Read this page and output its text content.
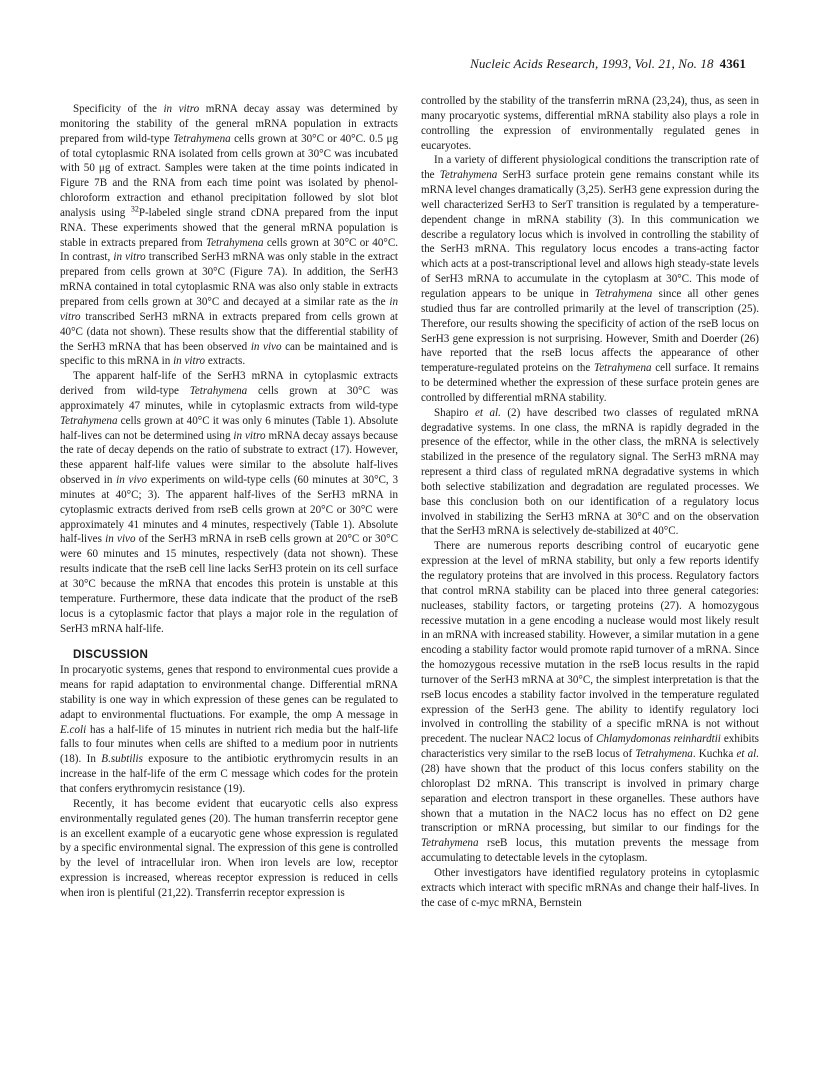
Nucleic Acids Research, 1993, Vol. 21, No. 18 4361

Specificity of the in vitro mRNA decay assay was determined by monitoring the stability of the general mRNA population in extracts prepared from wild-type Tetrahymena cells grown at 30°C or 40°C. 0.5 μg of total cytoplasmic RNA isolated from cells grown at 30°C was incubated with 50 μg of extract. Samples were taken at the time points indicated in Figure 7B and the RNA from each time point was isolated by phenol-chloroform extraction and ethanol precipitation followed by slot blot analysis using $^{32}$P-labeled single strand cDNA prepared from the input RNA. These experiments showed that the general mRNA population is stable in extracts prepared from Tetrahymena cells grown at 30°C or 40°C. In contrast, in vitro transcribed SerH3 mRNA was only stable in the extract prepared from cells grown at 30°C (Figure 7A). In addition, the SerH3 mRNA contained in total cytoplasmic RNA was also only stable in extracts prepared from cells grown at 30°C and decayed at a similar rate as the in vitro transcribed SerH3 mRNA in extracts prepared from cells grown at 40°C (data not shown). These results show that the differential stability of the SerH3 mRNA that has been observed in vivo can be maintained and is specific to this mRNA in in vitro extracts.

The apparent half-life of the SerH3 mRNA in cytoplasmic extracts derived from wild-type Tetrahymena cells grown at 30°C was approximately 47 minutes, while in cytoplasmic extracts from wild-type Tetrahymena cells grown at 40°C it was only 6 minutes (Table 1). Absolute half-lives can not be determined using in vitro mRNA decay assays because the rate of decay depends on the ratio of substrate to extract (17). However, these apparent half-life values were similar to the absolute half-lives observed in in vivo experiments on wild-type cells (60 minutes at 30°C, 3 minutes at 40°C; 3). The apparent half-lives of the SerH3 mRNA in cytoplasmic extracts derived from rseB cells grown at 20°C or 30°C were approximately 41 minutes and 4 minutes, respectively (Table 1). Absolute half-lives in vivo of the SerH3 mRNA in rseB cells grown at 20°C or 30°C were 60 minutes and 15 minutes, respectively (data not shown). These results indicate that the rseB cell line lacks SerH3 protein on its cell surface at 30°C because the mRNA that encodes this protein is unstable at this temperature. Furthermore, these data indicate that the product of the rseB locus is a cytoplasmic factor that plays a major role in the regulation of SerH3 mRNA half-life.

DISCUSSION

In procaryotic systems, genes that respond to environmental cues provide a means for rapid adaptation to environmental change. Differential mRNA stability is one way in which expression of these genes can be regulated to adapt to environmental fluctuations. For example, the omp A message in E.coli has a half-life of 15 minutes in nutrient rich media but the half-life falls to four minutes when cells are shifted to a medium poor in nutrients (18). In B.subtilis exposure to the antibiotic erythromycin results in an increase in the half-life of the erm C message which codes for the protein that confers erythromycin resistance (19).

Recently, it has become evident that eucaryotic cells also express environmentally regulated genes (20). The human transferrin receptor gene is an excellent example of a eucaryotic gene whose expression is regulated by a specific environmental signal. The expression of this gene is controlled by the level of intracellular iron. When iron levels are low, receptor expression is increased, whereas receptor expression is reduced in cells when iron is plentiful (21,22). Transferrin receptor expression is

controlled by the stability of the transferrin mRNA (23,24), thus, as seen in many procaryotic systems, differential mRNA stability also plays a role in controlling the expression of environmentally regulated genes in eucaryotes.

In a variety of different physiological conditions the transcription rate of the Tetrahymena SerH3 surface protein gene remains constant while its mRNA level changes dramatically (3,25). SerH3 gene expression during the well characterized SerH3 to SerT transition is regulated by a temperature-dependent change in mRNA stability (3). In this communication we describe a regulatory locus which is involved in controlling the stability of the SerH3 mRNA. This regulatory locus encodes a trans-acting factor which acts at a post-transcriptional level and allows high steady-state levels of SerH3 mRNA to accumulate in the cytoplasm at 30°C. This mode of regulation appears to be unique in Tetrahymena since all other genes studied thus far are controlled primarily at the level of transcription (25). Therefore, our results showing the specificity of action of the rseB locus on SerH3 gene expression is not surprising. However, Smith and Doerder (26) have reported that the rseB locus affects the appearance of other temperature-regulated proteins on the Tetrahymena cell surface. It remains to be determined whether the expression of these surface protein genes are controlled by differential mRNA stability.

Shapiro et al. (2) have described two classes of regulated mRNA degradative systems. In one class, the mRNA is rapidly degraded in the presence of the effector, while in the other class, the mRNA is selectively stabilized in the presence of the regulatory signal. The SerH3 mRNA may represent a third class of regulated mRNA degradative systems in which both selective stabilization and degradation are regulated processes. We base this conclusion both on our identification of a regulatory locus involved in stabilizing the SerH3 mRNA at 30°C and on the observation that the SerH3 mRNA is selectively de-stabilized at 40°C.

There are numerous reports describing control of eucaryotic gene expression at the level of mRNA stability, but only a few reports identify the regulatory proteins that are involved in this process. Regulatory factors that control mRNA stability can be placed into three general categories: nucleases, stability factors, or targeting proteins (27). A homozygous recessive mutation in a gene encoding a nuclease would most likely result in an mRNA with increased stability. However, a similar mutation in a gene encoding a stability factor would promote rapid turnover of a mRNA. Since the homozygous recessive mutation in the rseB locus results in the rapid turnover of the SerH3 mRNA at 30°C, the simplest interpretation is that the rseB locus encodes a stability factor involved in the temperature regulated expression of the SerH3 gene. The ability to identify regulatory loci involved in controlling the stability of a specific mRNA is not without precedent. The nuclear NAC2 locus of Chlamydomonas reinhardtii exhibits characteristics very similar to the rseB locus of Tetrahymena. Kuchka et al. (28) have shown that the product of this locus confers stability on the chloroplast D2 mRNA. This transcript is involved in primary charge separation and electron transport in these organelles. These authors have shown that a mutation in the NAC2 locus has no effect on D2 gene transcription or mRNA processing, but similar to our findings for the Tetrahymena rseB locus, this mutation prevents the message from accumulating to detectable levels in the cytoplasm.

Other investigators have identified regulatory proteins in cytoplasmic extracts which interact with specific mRNAs and change their half-lives. In the case of c-myc mRNA, Bernstein
